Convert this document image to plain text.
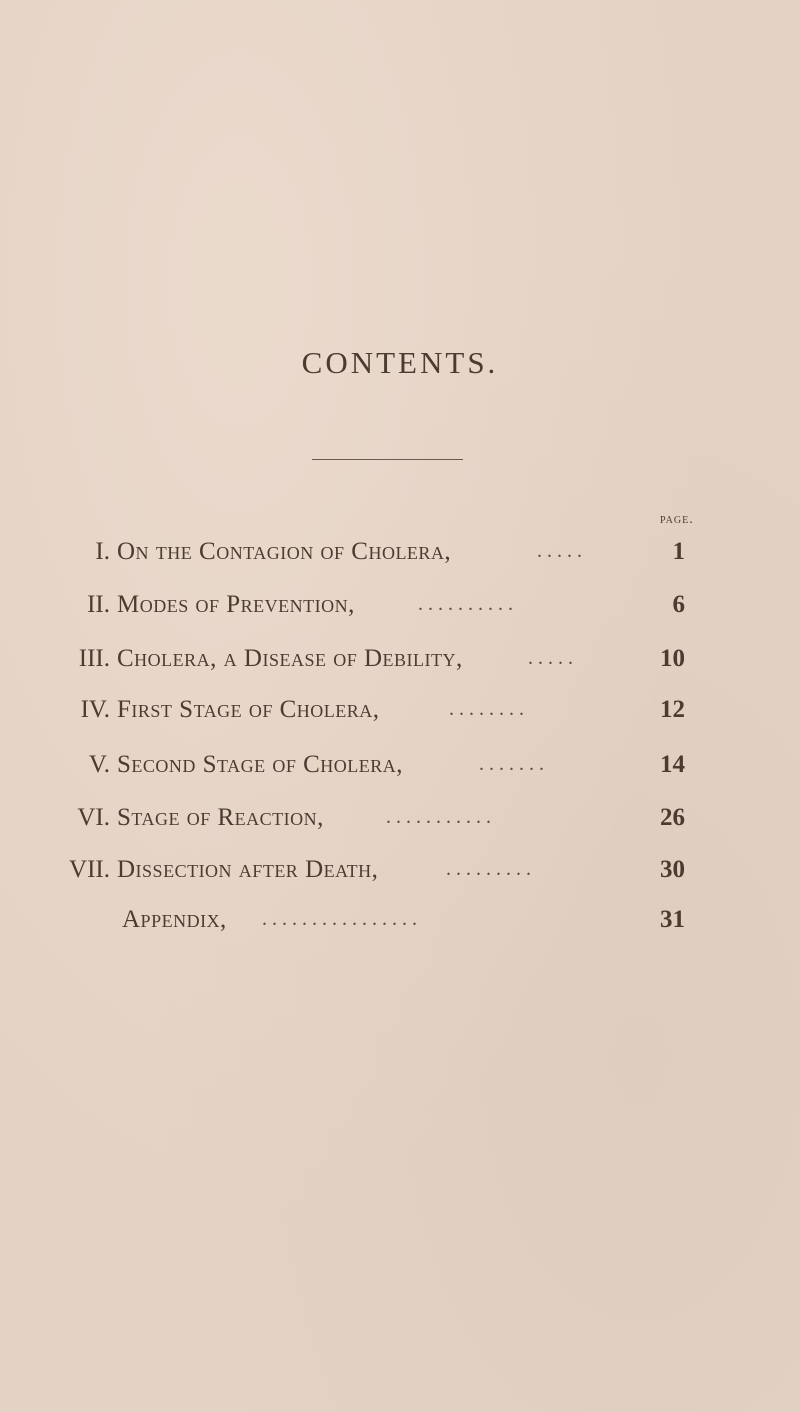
CONTENTS.
page.
I. On the Contagion of Cholera,	. . . . .	1
II. Modes of Prevention,	. . . . . . . . . .	6
III. Cholera, a Disease of Debility,	. . . . .	10
IV. First Stage of Cholera,	. . . . . . . .	12
V. Second Stage of Cholera,	. . . . . . .	14
VI. Stage of Reaction,	. . . . . . . . . . .	26
VII. Dissection after Death,	. . . . . . . . .	30
Appendix, . . . . . . . . . . . . . . . .	31
